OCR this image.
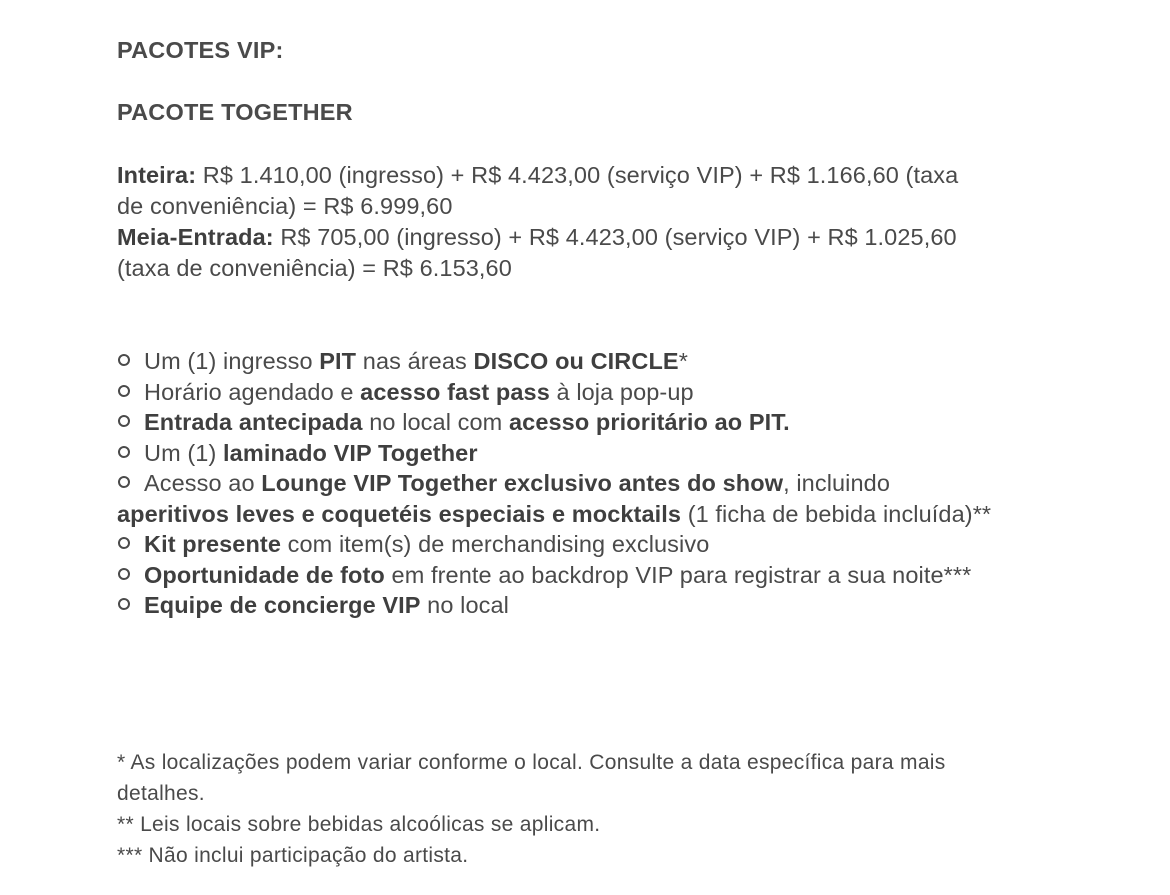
PACOTES VIP:
PACOTE TOGETHER
Inteira: R$ 1.410,00 (ingresso) + R$ 4.423,00 (serviço VIP) + R$ 1.166,60 (taxa de conveniência) = R$ 6.999,60
Meia-Entrada: R$ 705,00 (ingresso) + R$ 4.423,00 (serviço VIP) + R$ 1.025,60 (taxa de conveniência) = R$ 6.153,60
Um (1) ingresso PIT nas áreas DISCO ou CIRCLE*
Horário agendado e acesso fast pass à loja pop-up
Entrada antecipada no local com acesso prioritário ao PIT.
Um (1) laminado VIP Together
Acesso ao Lounge VIP Together exclusivo antes do show, incluindo aperitivos leves e coquetéis especiais e mocktails (1 ficha de bebida incluída)**
Kit presente com item(s) de merchandising exclusivo
Oportunidade de foto em frente ao backdrop VIP para registrar a sua noite***
Equipe de concierge VIP no local
* As localizações podem variar conforme o local. Consulte a data específica para mais detalhes.
** Leis locais sobre bebidas alcoólicas se aplicam.
*** Não inclui participação do artista.
